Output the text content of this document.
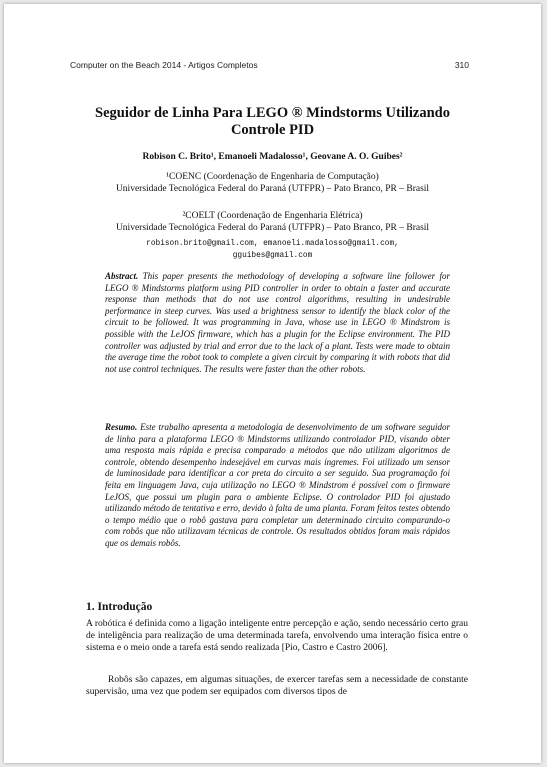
Computer on the Beach 2014 - Artigos Completos	310
Seguidor de Linha Para LEGO ® Mindstorms Utilizando
Controle PID
Robison C. Brito¹, Emanoeli Madalosso¹, Geovane A. O. Guibes²
¹COENC (Coordenação de Engenharia de Computação)
Universidade Tecnológica Federal do Paraná (UTFPR) – Pato Branco, PR – Brasil
²COELT (Coordenação de Engenharia Elétrica)
Universidade Tecnológica Federal do Paraná (UTFPR) – Pato Branco, PR – Brasil
robison.brito@gmail.com, emanoeli.madalosso@gmail.com,
gguibes@gmail.com

Abstract. This paper presents the methodology of developing a software line follower for LEGO ® Mindstorms platform using PID controller in order to obtain a faster and accurate response than methods that do not use control algorithms, resulting in undesirable performance in steep curves. Was used a brightness sensor to identify the black color of the circuit to be followed. It was programming in Java, whose use in LEGO ® Mindstrom is possible with the LeJOS firmware, which has a plugin for the Eclipse environment. The PID controller was adjusted by trial and error due to the lack of a plant. Tests were made to obtain the average time the robot took to complete a given circuit by comparing it with robots that did not use control techniques. The results were faster than the other robots.

Resumo. Este trabalho apresenta a metodologia de desenvolvimento de um software seguidor de linha para a plataforma LEGO ® Mindstorms utilizando controlador PID, visando obter uma resposta mais rápida e precisa comparado a métodos que não utilizam algoritmos de controle, obtendo desempenho indesejável em curvas mais íngremes. Foi utilizado um sensor de luminosidade para identificar a cor preta do circuito a ser seguido. Sua programação foi feita em linguagem Java, cuja utilização no LEGO ® Mindstrom é possível com o firmware LeJOS, que possui um plugin para o ambiente Eclipse. O controlador PID foi ajustado utilizando método de tentativa e erro, devido à falta de uma planta. Foram feitos testes obtendo o tempo médio que o robô gastava para completar um determinado circuito comparando-o com robôs que não utilizavam técnicas de controle. Os resultados obtidos foram mais rápidos que os demais robôs.

1. Introdução

A robótica é definida como a ligação inteligente entre percepção e ação, sendo necessário certo grau de inteligência para realização de uma determinada tarefa, envolvendo uma interação física entre o sistema e o meio onde a tarefa está sendo realizada [Pio, Castro e Castro 2006].

Robôs são capazes, em algumas situações, de exercer tarefas sem a necessidade de constante supervisão, uma vez que podem ser equipados com diversos tipos de
